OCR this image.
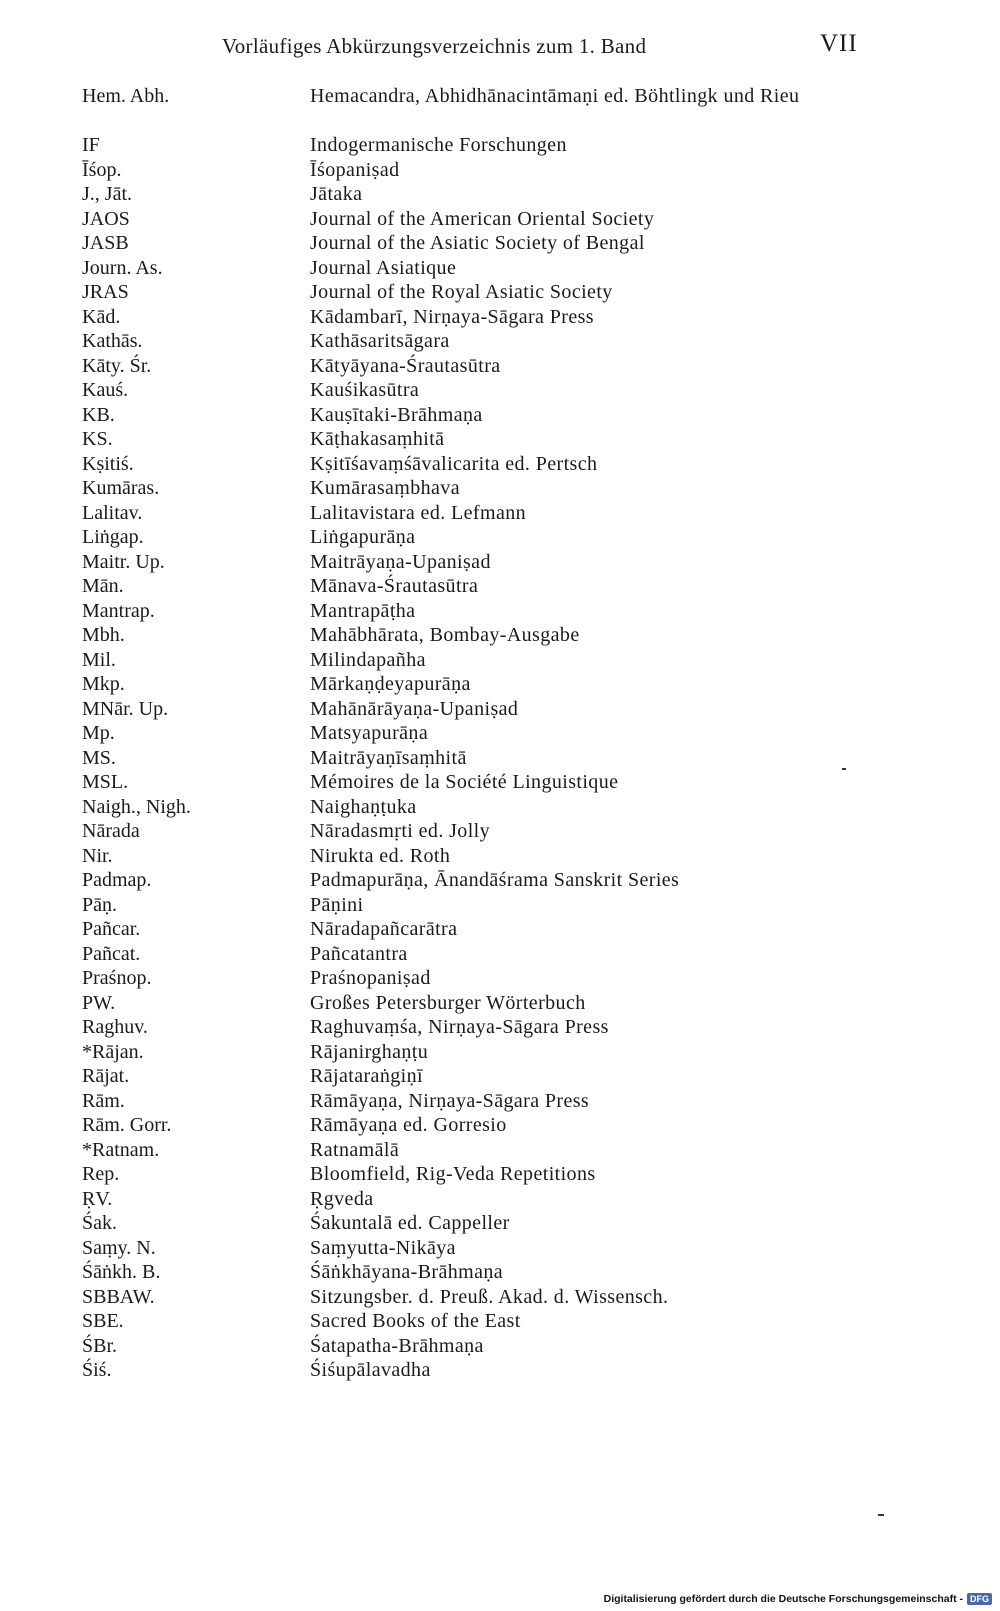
Vorläufiges Abkürzungsverzeichnis zum 1. Band	VII
Hem. Abh.	Hemacandra, Abhidhānacintāmaṇi ed. Böhtlingk und Rieu
IF	Indogermanische Forschungen
Īśop.	Īśopaniṣad
J., Jāt.	Jātaka
JAOS	Journal of the American Oriental Society
JASB	Journal of the Asiatic Society of Bengal
Journ. As.	Journal Asiatique
JRAS	Journal of the Royal Asiatic Society
Kād.	Kādambarī, Nirṇaya-Sāgara Press
Kathās.	Kathāsaritsāgara
Kāty. Śr.	Kātyāyana-Śrautasūtra
Kauś.	Kauśikasūtra
KB.	Kauṣītaki-Brāhmaṇa
KS.	Kāṭhakasaṃhitā
Kṣitiś.	Kṣitīśavaṃśāvalicarita ed. Pertsch
Kumāras.	Kumārasaṃbhava
Lalitav.	Lalitavistara ed. Lefmann
Liṅgap.	Liṅgapurāṇa
Maitr. Up.	Maitrāyaṇa-Upaniṣad
Mān.	Mānava-Śrautasūtra
Mantrap.	Mantrapāṭha
Mbh.	Mahābhārata, Bombay-Ausgabe
Mil.	Milindapañha
Mkp.	Mārkaṇḍeyapurāṇa
MNār. Up.	Mahānārāyaṇa-Upaniṣad
Mp.	Matsyapurāṇa
MS.	Maitrāyaṇīsaṃhitā
MSL.	Mémoires de la Société Linguistique
Naigh., Nigh.	Naighaṇṭuka
Nārada	Nāradasmṛti ed. Jolly
Nir.	Nirukta ed. Roth
Padmap.	Padmapurāṇa, Ānandāśrama Sanskrit Series
Pāṇ.	Pāṇini
Pañcar.	Nāradapañcarātra
Pañcat.	Pañcatantra
Praśnop.	Praśnopaniṣad
PW.	Großes Petersburger Wörterbuch
Raghuv.	Raghuvaṃśa, Nirṇaya-Sāgara Press
*Rājan.	Rājanirghaṇṭu
Rājat.	Rājataraṅgiṇī
Rām.	Rāmāyaṇa, Nirṇaya-Sāgara Press
Rām. Gorr.	Rāmāyaṇa ed. Gorresio
*Ratnam.	Ratnamālā
Rep.	Bloomfield, Rig-Veda Repetitions
ṚV.	Ṛgveda
Śak.	Śakuntalā ed. Cappeller
Saṃy. N.	Saṃyutta-Nikāya
Śāṅkh. B.	Śāṅkhāyana-Brāhmaṇa
SBBAW.	Sitzungsber. d. Preuß. Akad. d. Wissensch.
SBE.	Sacred Books of the East
ŚBr.	Śatapatha-Brāhmaṇa
Śiś.	Śiśupālavadha
Digitalisierung gefördert durch die Deutsche Forschungsgemeinschaft - DFG
